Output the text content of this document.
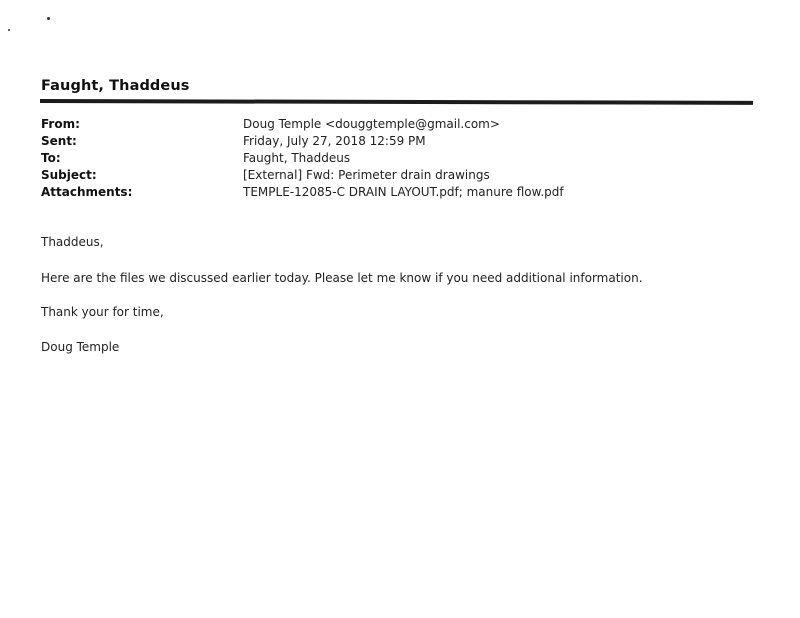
Faught, Thaddeus
From:	Doug Temple <douggtemple@gmail.com>
Sent:	Friday, July 27, 2018 12:59 PM
To:	Faught, Thaddeus
Subject:	[External] Fwd: Perimeter drain drawings
Attachments:	TEMPLE-12085-C DRAIN LAYOUT.pdf; manure flow.pdf
Thaddeus,
Here are the files we discussed earlier today. Please let me know if you need additional information.
Thank your for time,
Doug Temple
